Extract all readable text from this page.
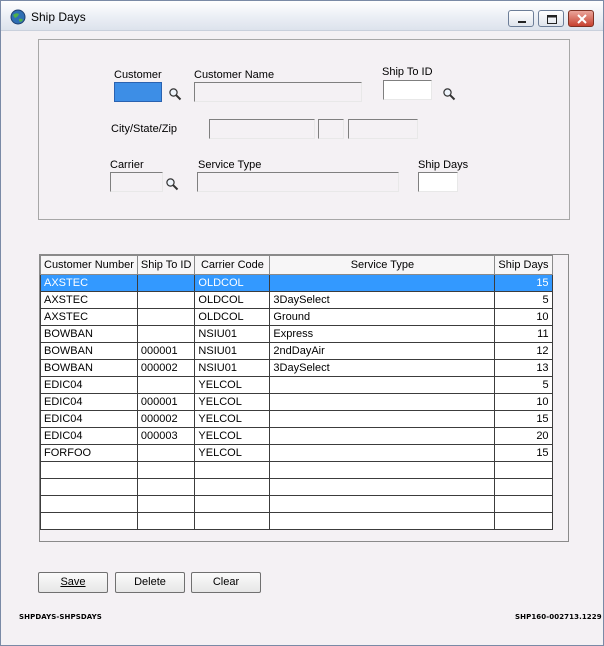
Ship Days
Customer	Customer Name	Ship To ID
City/State/Zip
Carrier	Service Type	Ship Days
Customer Number	Ship To ID	Carrier Code	Service Type	Ship Days
AXSTEC		OLDCOL		15
AXSTEC		OLDCOL	3DaySelect	5
AXSTEC		OLDCOL	Ground	10
BOWBAN		NSIU01	Express	11
BOWBAN	000001	NSIU01	2ndDayAir	12
BOWBAN	000002	NSIU01	3DaySelect	13
EDIC04		YELCOL		5
EDIC04	000001	YELCOL		10
EDIC04	000002	YELCOL		15
EDIC04	000003	YELCOL		20
FORFOO		YELCOL		15

Save	Delete	Clear
SHPDAYS-SHPSDAYS	SHP160-002713.1229
